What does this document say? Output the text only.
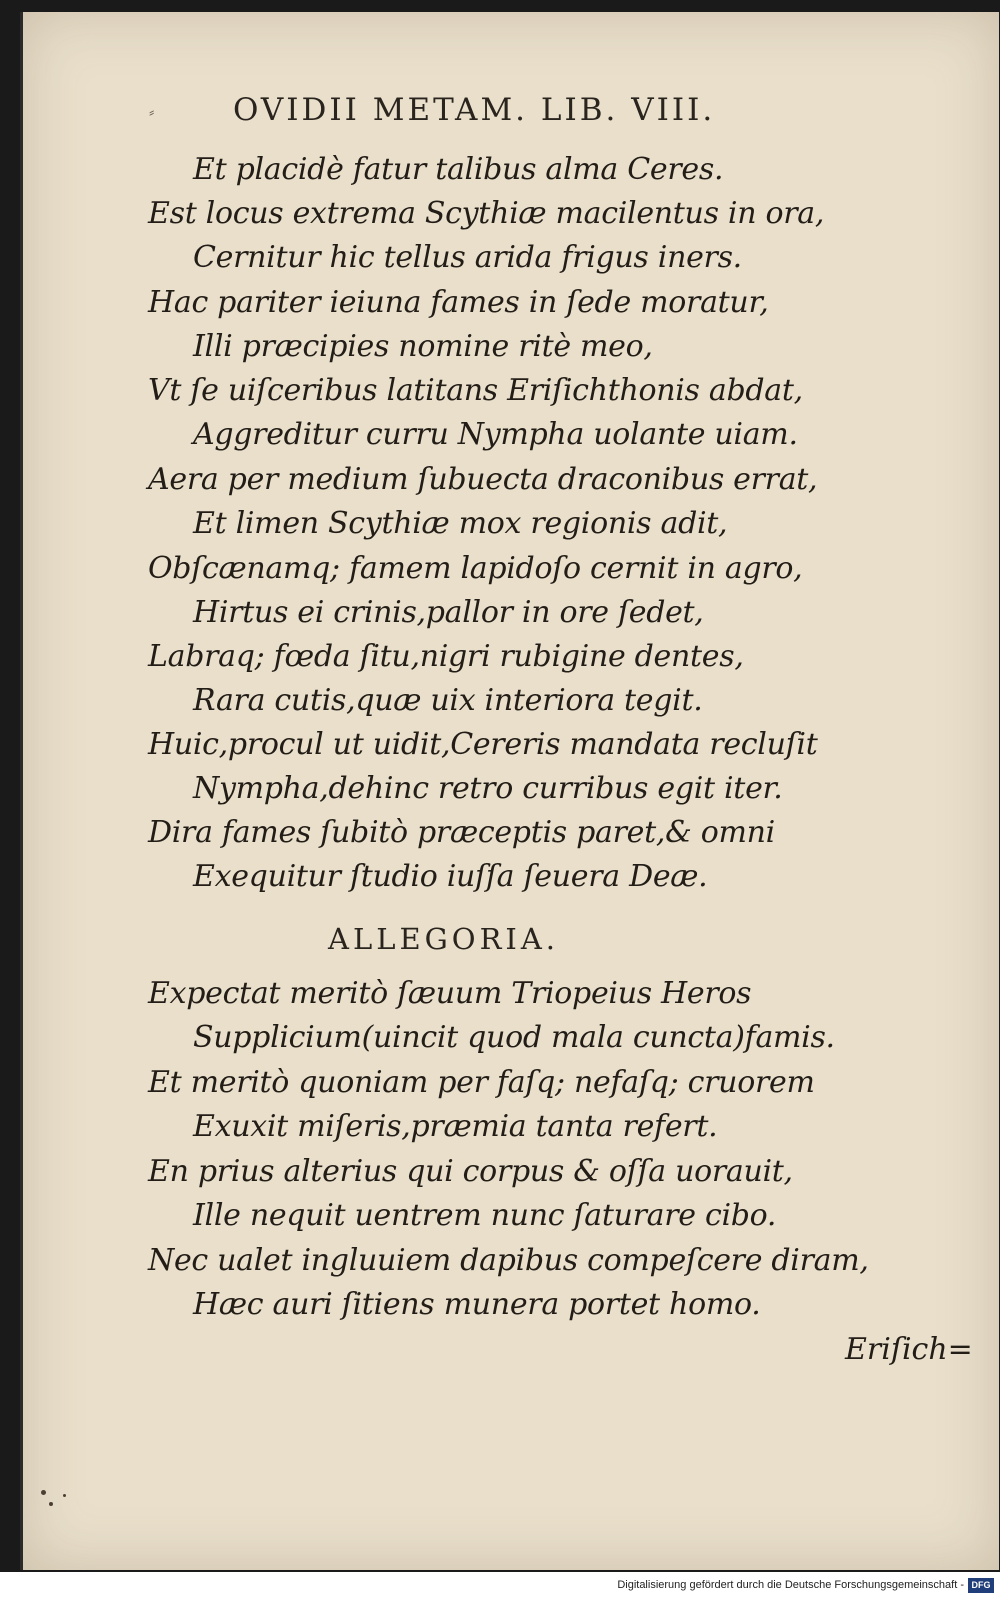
⸗	OVIDII METAM. LIB. VIII.
Et placidè fatur talibus alma Ceres.
Est locus extrema Scythiæ macilentus in ora,
Cernitur hic tellus arida frigus iners.
Hac pariter ieiuna fames in ſede moratur,
Illi præcipies nomine ritè meo,
Vt ſe uiſceribus latitans Eriſichthonis abdat,
Aggreditur curru Nympha uolante uiam.
Aera per medium ſubuecta draconibus errat,
Et limen Scythiæ mox regionis adit,
Obſcænamq; famem lapidoſo cernit in agro,
Hirtus ei crinis,pallor in ore ſedet,
Labraq; fœda ſitu,nigri rubigine dentes,
Rara cutis,quæ uix interiora tegit.
Huic,procul ut uidit,Cereris mandata recluſit
Nympha,dehinc retro curribus egit iter.
Dira fames ſubitò præceptis paret,& omni
Exequitur ſtudio iuſſa ſeuera Deæ.
ALLEGORIA.
Expectat meritò ſæuum Triopeius Heros
Supplicium(uincit quod mala cuncta)famis.
Et meritò quoniam per faſq; nefaſq; cruorem
Exuxit miſeris,præmia tanta refert.
En prius alterius qui corpus & oſſa uorauit,
Ille nequit uentrem nunc ſaturare cibo.
Nec ualet ingluuiem dapibus compeſcere diram,
Hæc auri ſitiens munera portet homo.
Eriſich=
Digitalisierung gefördert durch die Deutsche Forschungsgemeinschaft - DFG
